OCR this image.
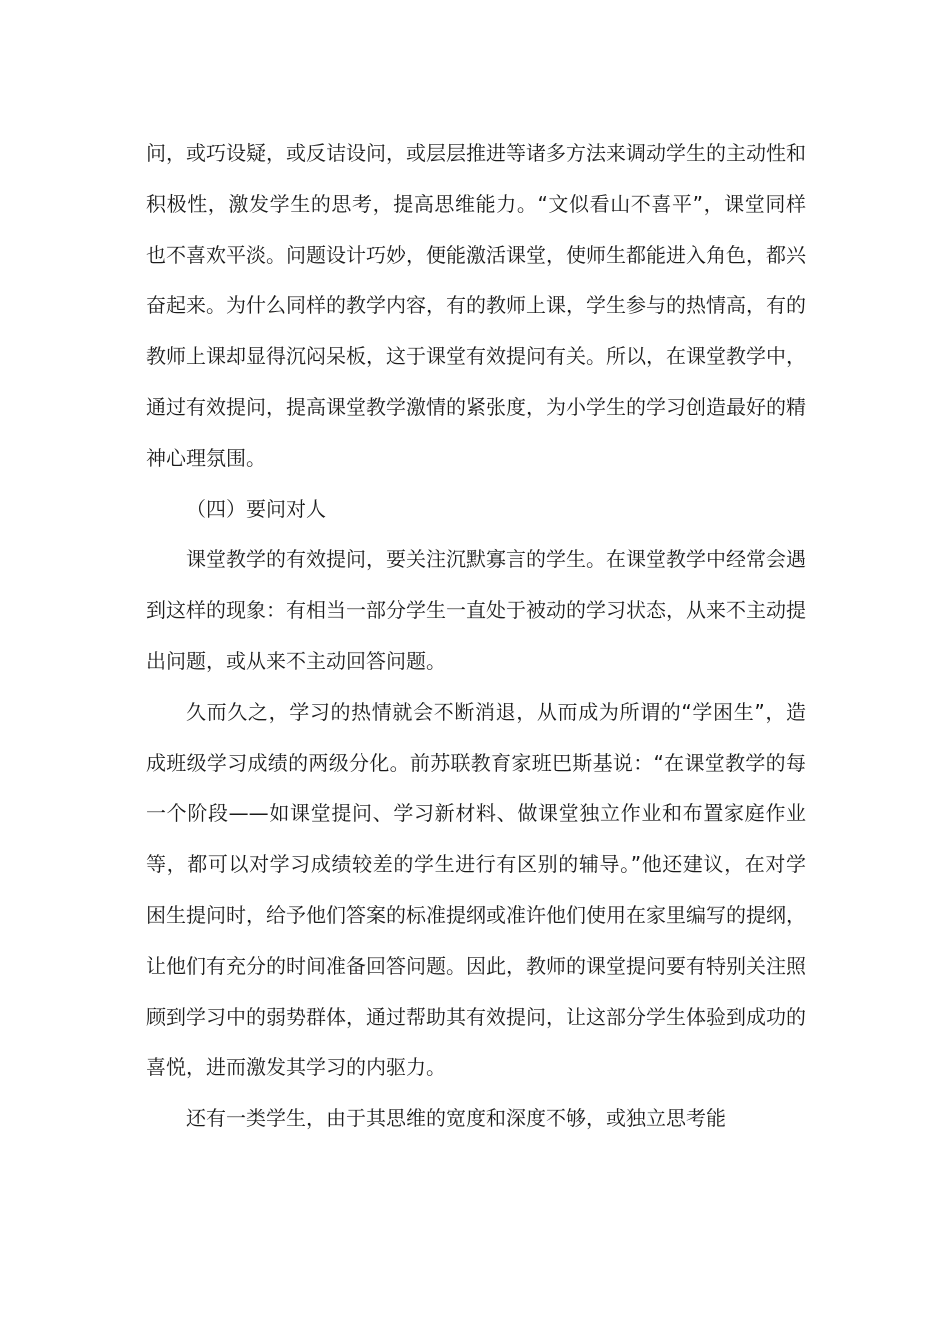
问，或巧设疑，或反诘设问，或层层推进等诸多方法来调动学生的主动性和积极性，激发学生的思考，提高思维能力。“文似看山不喜平”，课堂同样也不喜欢平淡。问题设计巧妙，便能激活课堂，使师生都能进入角色，都兴奋起来。为什么同样的教学内容，有的教师上课，学生参与的热情高，有的教师上课却显得沉闷呆板，这于课堂有效提问有关。所以，在课堂教学中，通过有效提问，提高课堂教学激情的紧张度，为小学生的学习创造最好的精神心理氛围。

（四）要问对人

课堂教学的有效提问，要关注沉默寡言的学生。在课堂教学中经常会遇到这样的现象：有相当一部分学生一直处于被动的学习状态，从来不主动提出问题，或从来不主动回答问题。

久而久之，学习的热情就会不断消退，从而成为所谓的“学困生”，造成班级学习成绩的两级分化。前苏联教育家班巴斯基说：“在课堂教学的每一个阶段——如课堂提问、学习新材料、做课堂独立作业和布置家庭作业等，都可以对学习成绩较差的学生进行有区别的辅导。”他还建议，在对学困生提问时，给予他们答案的标准提纲或准许他们使用在家里编写的提纲，让他们有充分的时间准备回答问题。因此，教师的课堂提问要有特别关注照顾到学习中的弱势群体，通过帮助其有效提问，让这部分学生体验到成功的喜悦，进而激发其学习的内驱力。

还有一类学生，由于其思维的宽度和深度不够，或独立思考能
